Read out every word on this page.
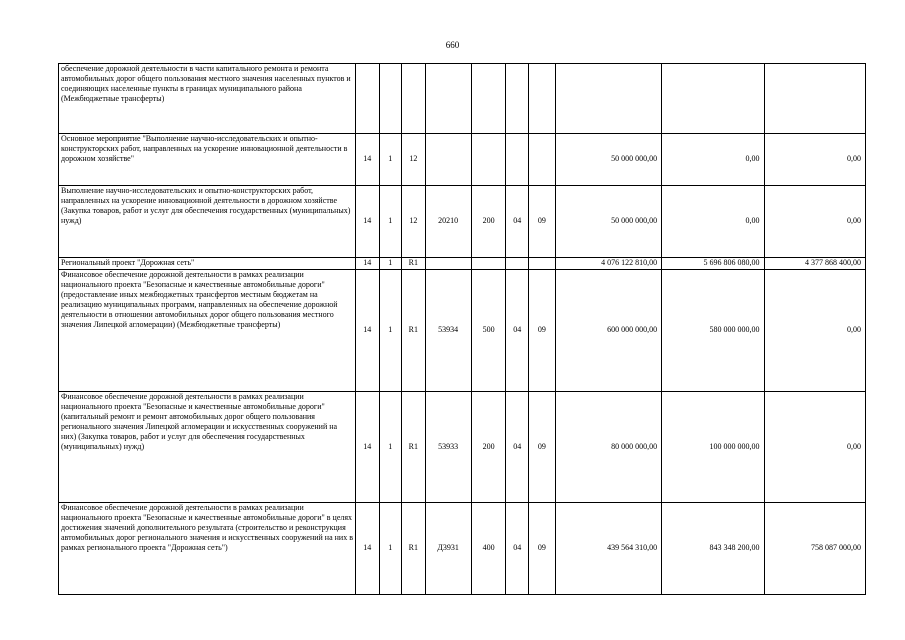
660
обеспечение дорожной деятельности в части капитального ремонта и ремонта автомобильных дорог общего пользования местного значения населенных пунктов и соединяющих населенные пункты в границах муниципального района (Межбюджетные трансферты)										
Основное мероприятие "Выполнение научно-исследовательских и опытно-конструкторских работ, направленных на ускорение инновационной деятельности в дорожном хозяйстве"	14	1	12					50 000 000,00	0,00	0,00
Выполнение научно-исследовательских и опытно-конструкторских работ, направленных на ускорение инновационной деятельности в дорожном хозяйстве (Закупка товаров, работ и услуг для обеспечения государственных (муниципальных) нужд)	14	1	12	20210	200	04	09	50 000 000,00	0,00	0,00
Региональный проект "Дорожная сеть"	14	1	R1					4 076 122 810,00	5 696 806 080,00	4 377 868 400,00
Финансовое обеспечение дорожной деятельности в рамках реализации национального проекта "Безопасные и качественные автомобильные дороги" (предоставление иных межбюджетных трансфертов местным бюджетам на реализацию муниципальных программ, направленных на обеспечение дорожной деятельности в отношении автомобильных дорог общего пользования местного значения Липецкой агломерации) (Межбюджетные трансферты)	14	1	R1	53934	500	04	09	600 000 000,00	580 000 000,00	0,00
Финансовое обеспечение дорожной деятельности в рамках реализации национального проекта "Безопасные и качественные автомобильные дороги" (капитальный ремонт и ремонт автомобильных дорог общего пользования регионального значения Липецкой агломерации и искусственных сооружений на них) (Закупка товаров, работ и услуг для обеспечения государственных (муниципальных) нужд)	14	1	R1	53933	200	04	09	80 000 000,00	100 000 000,00	0,00
Финансовое обеспечение дорожной деятельности в рамках реализации национального проекта "Безопасные и качественные автомобильные дороги" в целях достижения значений дополнительного результата (строительство и реконструкция автомобильных дорог регионального значения и искусственных сооружений на них в рамках регионального проекта "Дорожная сеть")	14	1	R1	Д3931	400	04	09	439 564 310,00	843 348 200,00	758 087 000,00
